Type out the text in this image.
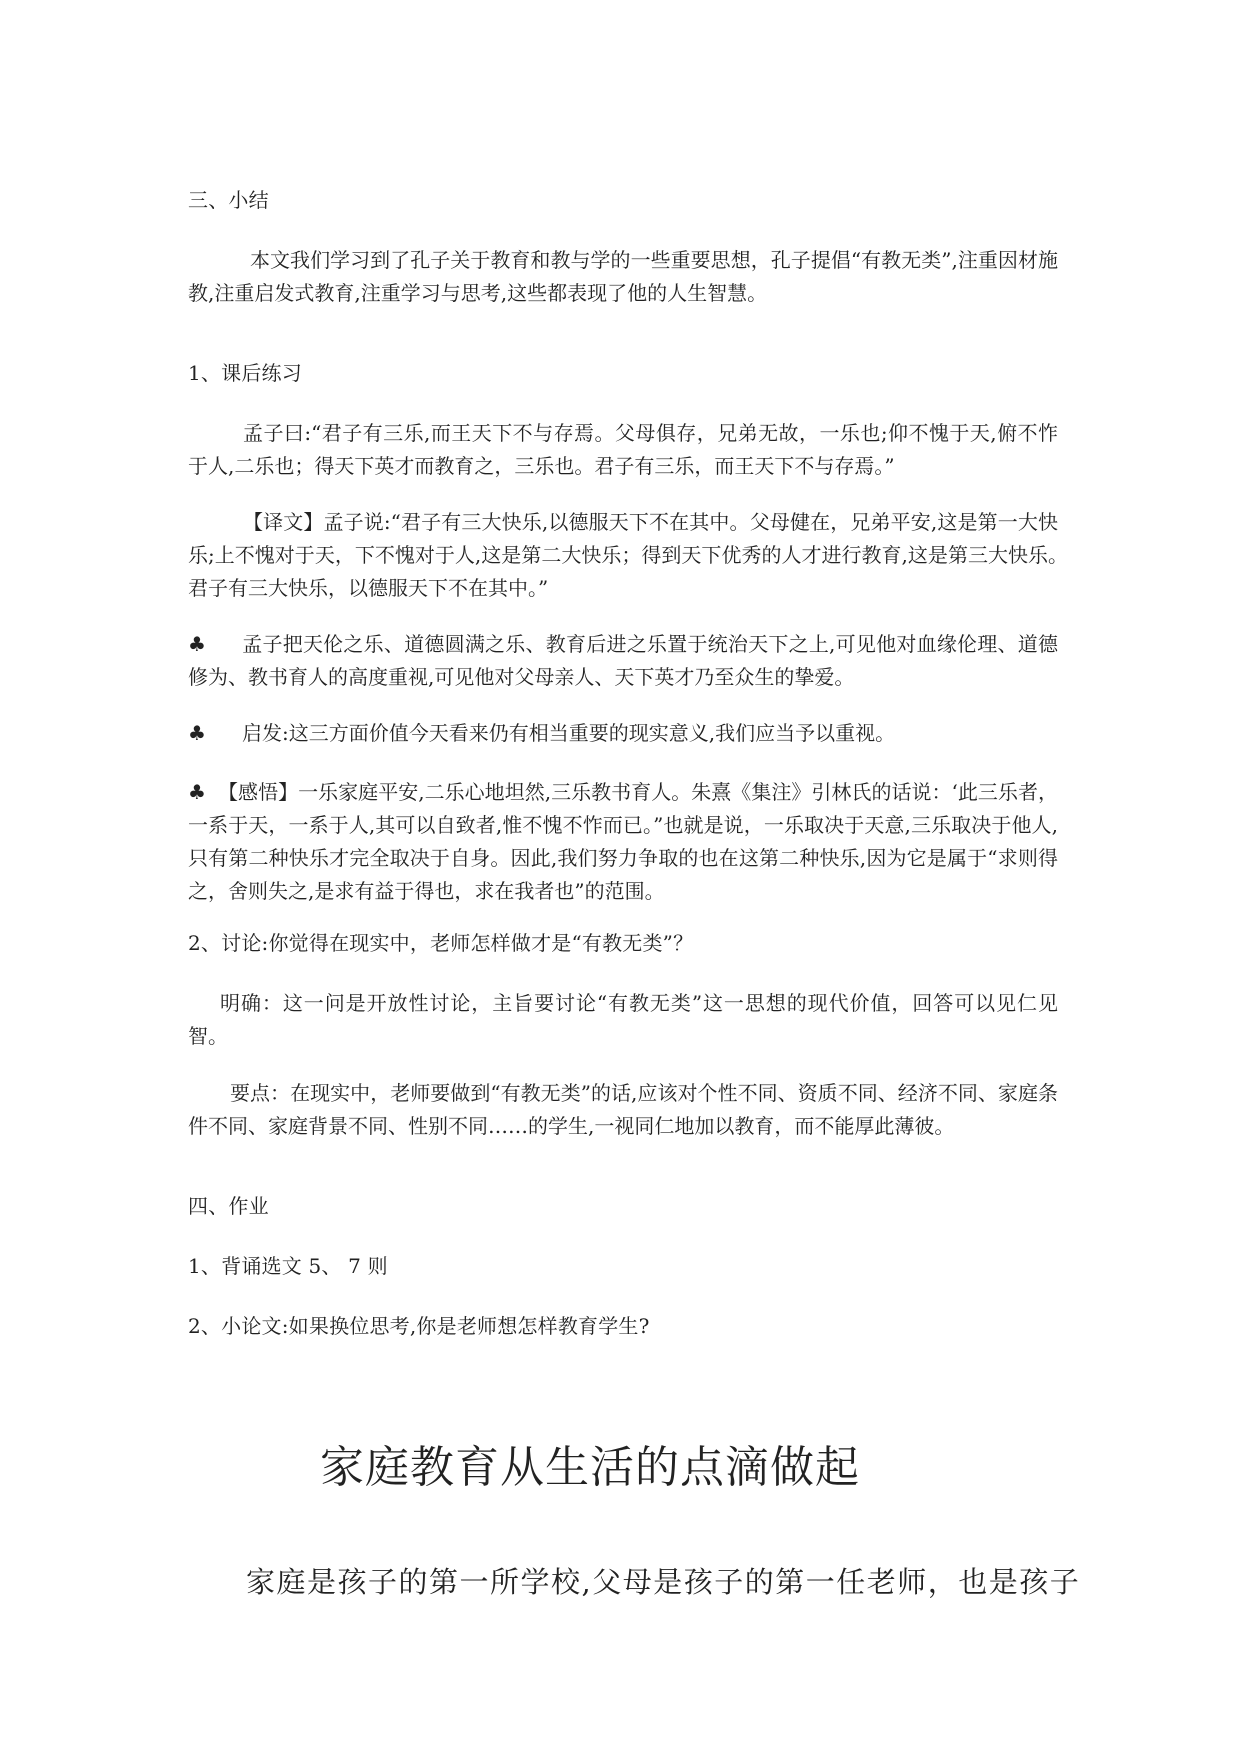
三、小结
本文我们学习到了孔子关于教育和教与学的一些重要思想，孔子提倡“有教无类”,注重因材施教,注重启发式教育,注重学习与思考,这些都表现了他的人生智慧。
1、课后练习
孟子曰:“君子有三乐,而王天下不与存焉。父母俱存，兄弟无故，一乐也;仰不愧于天,俯不怍于人,二乐也；得天下英才而教育之，三乐也。君子有三乐，而王天下不与存焉。”
【译文】孟子说:“君子有三大快乐,以德服天下不在其中。父母健在，兄弟平安,这是第一大快乐;上不愧对于天，下不愧对于人,这是第二大快乐；得到天下优秀的人才进行教育,这是第三大快乐。　君子有三大快乐，以德服天下不在其中。”
♣ 孟子把天伦之乐、道德圆满之乐、教育后进之乐置于统治天下之上,可见他对血缘伦理、道德修为、教书育人的高度重视,可见他对父母亲人、天下英才乃至众生的挚爱。
♣ 启发:这三方面价值今天看来仍有相当重要的现实意义,我们应当予以重视。
♣ 【感悟】一乐家庭平安,二乐心地坦然,三乐教书育人。朱熹《集注》引林氏的话说：‘此三乐者，一系于天，一系于人,其可以自致者,惟不愧不怍而已。”也就是说，一乐取决于天意,三乐取决于他人,只有第二种快乐才完全取决于自身。因此,我们努力争取的也在这第二种快乐,因为它是属于“求则得之，舍则失之,是求有益于得也，求在我者也”的范围。
2、讨论:你觉得在现实中，老师怎样做才是“有教无类”？
明确：这一问是开放性讨论，主旨要讨论“有教无类”这一思想的现代价值，回答可以见仁见智。
要点：在现实中，老师要做到“有教无类”的话,应该对个性不同、资质不同、经济不同、家庭条件不同、家庭背景不同、性别不同……的学生,一视同仁地加以教育，而不能厚此薄彼。
四、作业
1、背诵选文 5、 7 则
2、小论文:如果换位思考,你是老师想怎样教育学生?
家庭教育从生活的点滴做起
家庭是孩子的第一所学校,父母是孩子的第一任老师，也是孩子
